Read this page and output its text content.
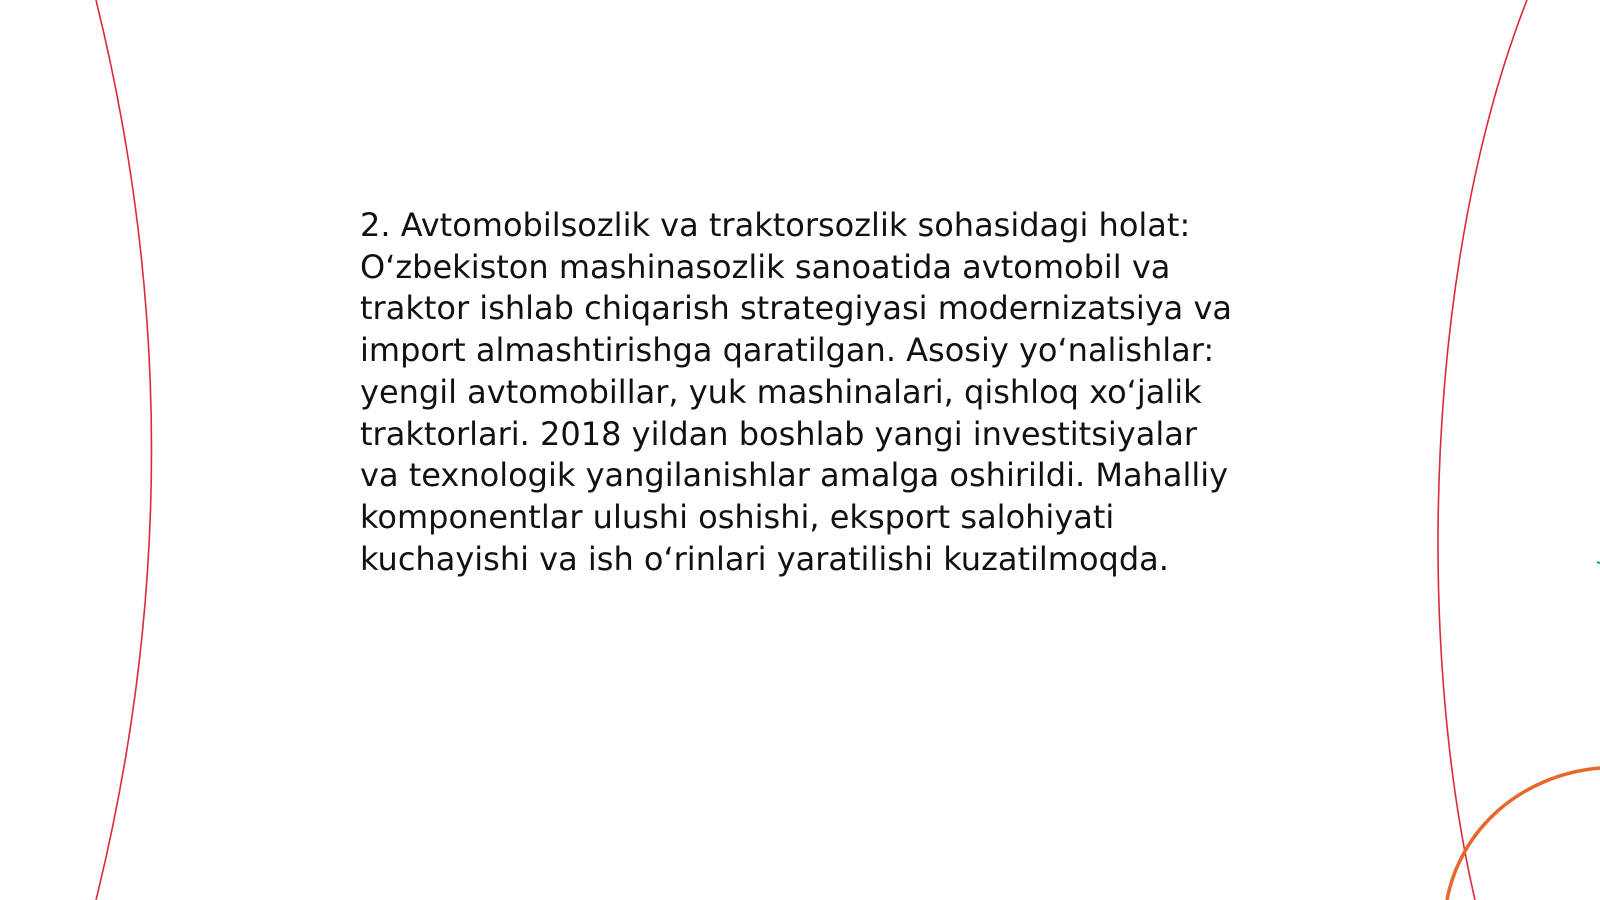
2. Avtomobilsozlik va traktorsozlik sohasidagi holat:
O‘zbekiston mashinasozlik sanoatida avtomobil va
traktor ishlab chiqarish strategiyasi modernizatsiya va
import almashtirishga qaratilgan. Asosiy yo‘nalishlar:
yengil avtomobillar, yuk mashinalari, qishloq xo‘jalik
traktorlari. 2018 yildan boshlab yangi investitsiyalar
va texnologik yangilanishlar amalga oshirildi. Mahalliy
komponentlar ulushi oshishi, eksport salohiyati
kuchayishi va ish o‘rinlari yaratilishi kuzatilmoqda.
